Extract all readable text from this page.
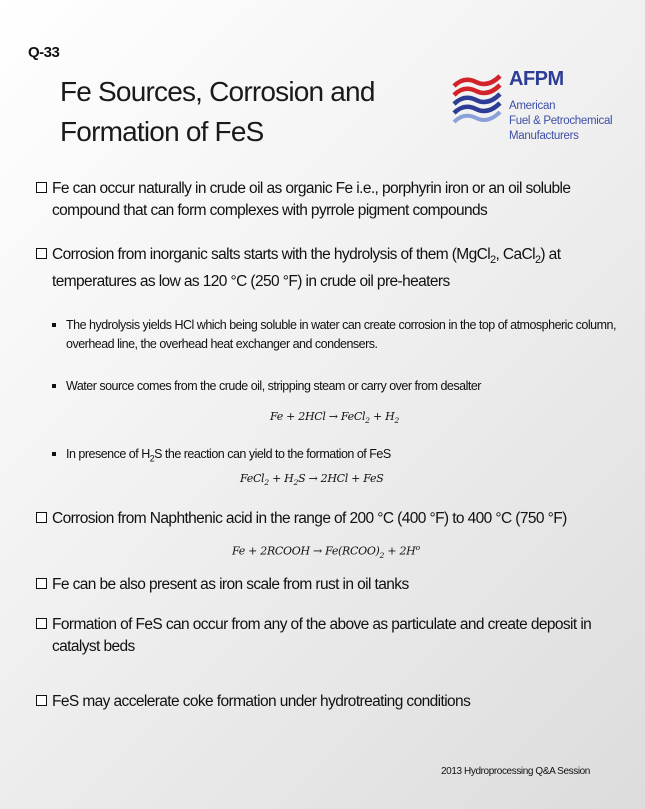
Q-33
Fe Sources, Corrosion and
Formation of FeS
AFPM
American
Fuel & Petrochemical
Manufacturers
Fe can occur naturally in crude oil as organic Fe i.e., porphyrin iron or an oil soluble compound that can form complexes with pyrrole pigment compounds
Corrosion from inorganic salts starts with the hydrolysis of them (MgCl$_2$, CaCl$_2$) at temperatures as low as 120 °C (250 °F) in crude oil pre-heaters
The hydrolysis yields HCl which being soluble in water can create corrosion in the top of atmospheric column, overhead line, the overhead heat exchanger and condensers.
Water source comes from the crude oil, stripping steam or carry over from desalter
Fe + 2HCl → FeCl$_2$ + $H_2$
In presence of $H_2S$ the reaction can yield to the formation of FeS
FeCl$_2$ + $H_2S \to 2HCl$ + FeS
Corrosion from Naphthenic acid in the range of 200 °C (400 °F) to 400 °C (750 °F)
Fe + 2RCOOH → $Fe(RCOO)_2 + 2H^o$
Fe can be also present as iron scale from rust in oil tanks
Formation of FeS can occur from any of the above as particulate and create deposit in catalyst beds
FeS may accelerate coke formation under hydrotreating conditions
2013 Hydroprocessing Q&A Session
